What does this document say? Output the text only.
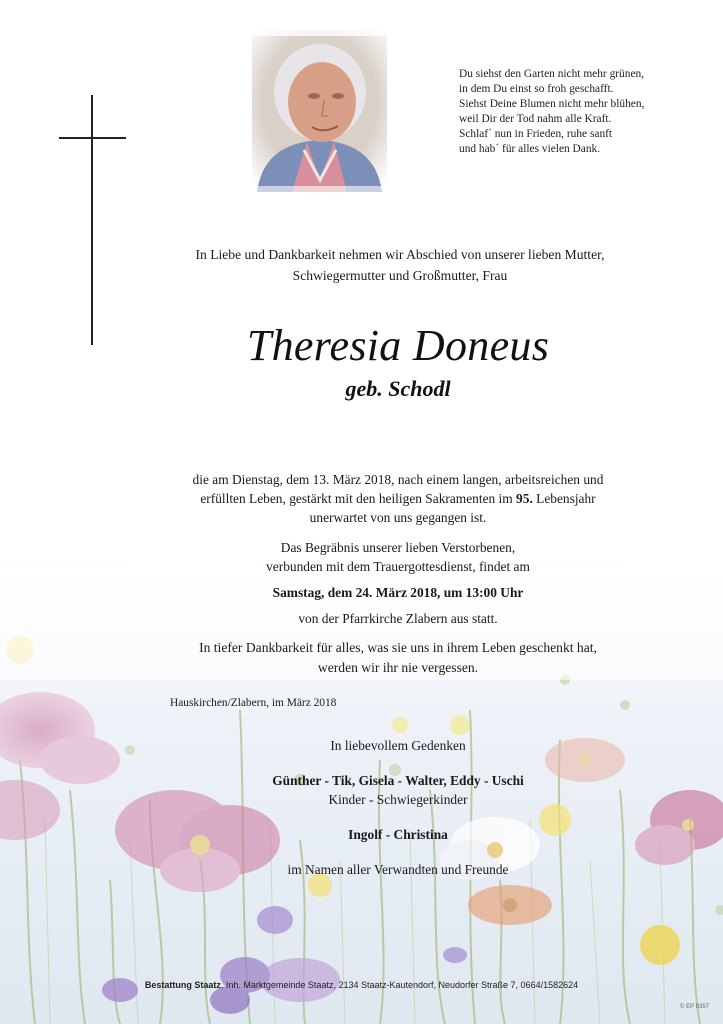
Du siehst den Garten nicht mehr grünen,
in dem Du einst so froh geschafft.
Siehst Deine Blumen nicht mehr blühen,
weil Dir der Tod nahm alle Kraft.
Schlaf´ nun in Frieden, ruhe sanft
und hab´ für alles vielen Dank.
In Liebe und Dankbarkeit nehmen wir Abschied von unserer lieben Mutter,
Schwiegermutter und Großmutter, Frau
Theresia Doneus
geb. Schodl
die am Dienstag, dem 13. März 2018, nach einem langen, arbeitsreichen und
erfüllten Leben, gestärkt mit den heiligen Sakramenten im 95. Lebensjahr
unerwartet von uns gegangen ist.
Das Begräbnis unserer lieben Verstorbenen,
verbunden mit dem Trauergottesdienst, findet am
Samstag, dem 24. März 2018, um 13:00 Uhr
von der Pfarrkirche Zlabern aus statt.
In tiefer Dankbarkeit für alles, was sie uns in ihrem Leben geschenkt hat,
werden wir ihr nie vergessen.
Hauskirchen/Zlabern, im März 2018
In liebevollem Gedenken
Günther - Tik, Gisela - Walter, Eddy - Uschi
Kinder - Schwiegerkinder
Ingolf - Christina
im Namen aller Verwandten und Freunde
Bestattung Staatz, Inh. Marktgemeinde Staatz, 2134 Staatz-Kautendorf, Neudorfer Straße 7, 0664/1582624
© EP 9357
